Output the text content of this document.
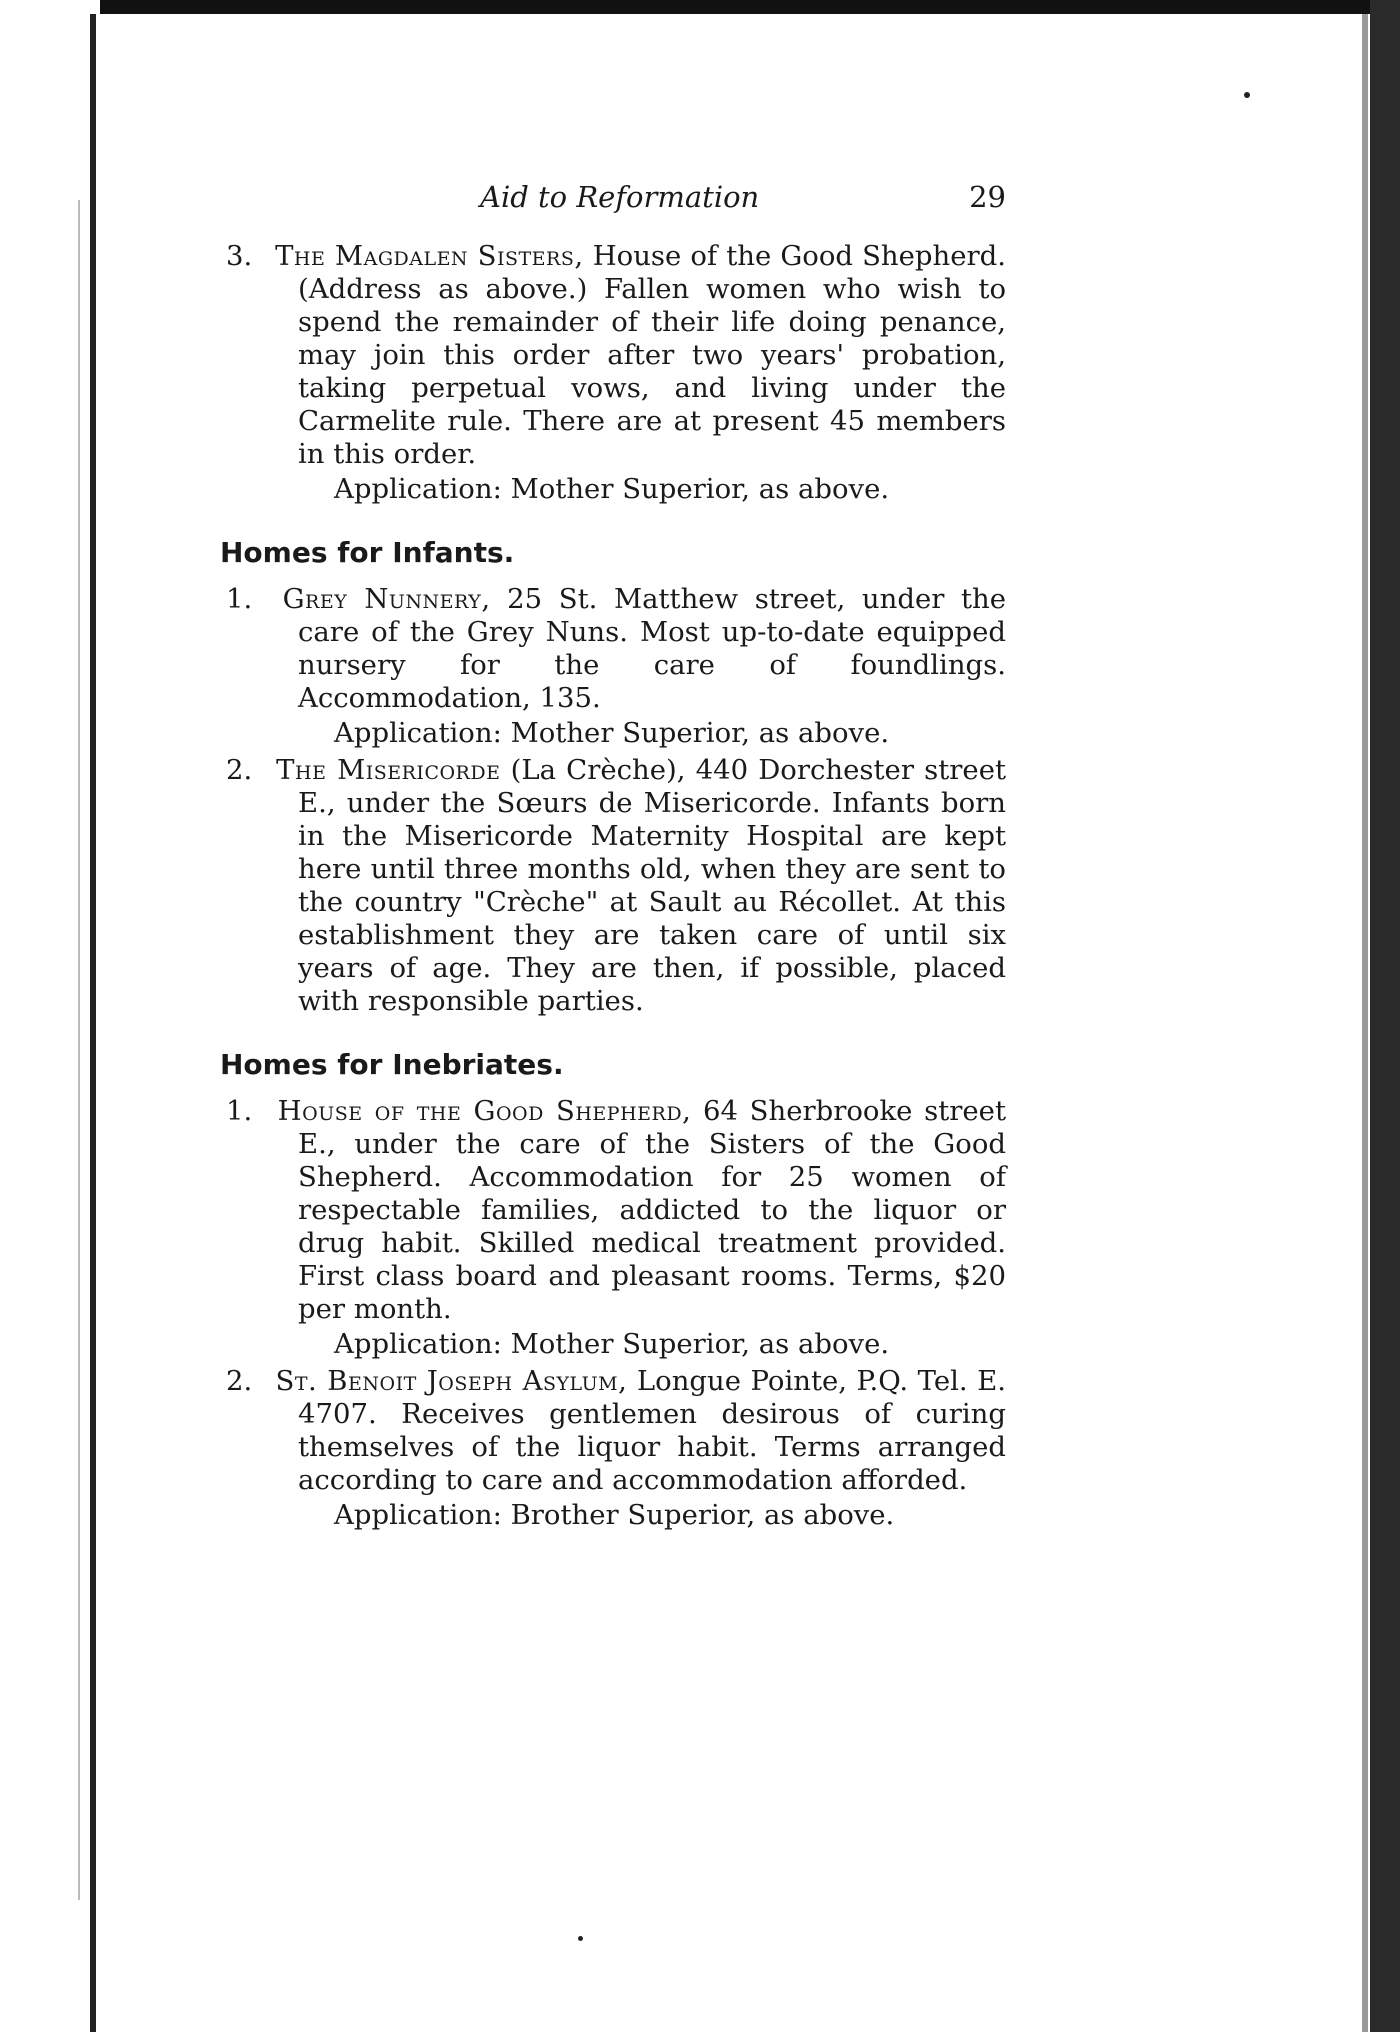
Aid to Reformation	29

3. The Magdalen Sisters, House of the Good Shepherd. (Address as above.) Fallen women who wish to spend the remainder of their life doing penance, may join this order after two years' probation, taking perpetual vows, and living under the Carmelite rule. There are at present 45 members in this order.

Application: Mother Superior, as above.

Homes for Infants.

1. Grey Nunnery, 25 St. Matthew street, under the care of the Grey Nuns. Most up-to-date equipped nursery for the care of foundlings. Accommodation, 135.

Application: Mother Superior, as above.

2. The Misericorde (La Crèche), 440 Dorchester street E., under the Sœurs de Misericorde. Infants born in the Misericorde Maternity Hospital are kept here until three months old, when they are sent to the country "Crèche" at Sault au Récollet. At this establishment they are taken care of until six years of age. They are then, if possible, placed with responsible parties.

Homes for Inebriates.

1. House of the Good Shepherd, 64 Sherbrooke street E., under the care of the Sisters of the Good Shepherd. Accommodation for 25 women of respectable families, addicted to the liquor or drug habit. Skilled medical treatment provided. First class board and pleasant rooms. Terms, $20 per month.

Application: Mother Superior, as above.

2. St. Benoit Joseph Asylum, Longue Pointe, P.Q. Tel. E. 4707. Receives gentlemen desirous of curing themselves of the liquor habit. Terms arranged according to care and accommodation afforded.

Application: Brother Superior, as above.
